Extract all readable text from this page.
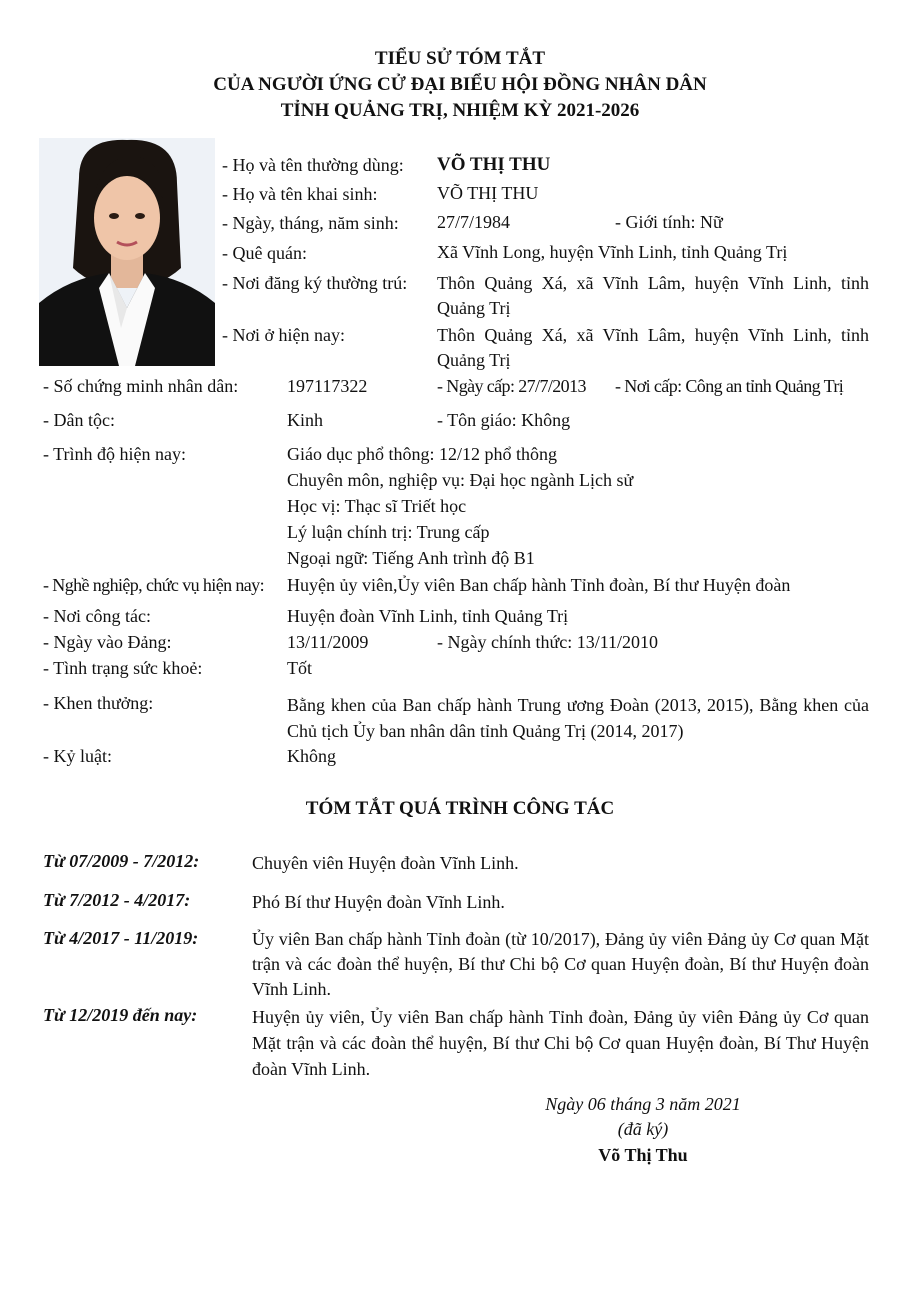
TIỂU SỬ TÓM TẮT
CỦA NGƯỜI ỨNG CỬ ĐẠI BIỂU HỘI ĐỒNG NHÂN DÂN
TỈNH QUẢNG TRỊ, NHIỆM KỲ 2021-2026
- Họ và tên thường dùng: VÕ THỊ THU
- Họ và tên khai sinh:	VÕ THỊ THU
- Ngày, tháng, năm sinh: 27/7/1984	- Giới tính: Nữ
- Quê quán:	Xã Vĩnh Long, huyện Vĩnh Linh, tỉnh Quảng Trị
- Nơi đăng ký thường trú: Thôn Quảng Xá, xã Vĩnh Lâm, huyện Vĩnh Linh, tỉnh Quảng Trị
- Nơi ở hiện nay:	Thôn Quảng Xá, xã Vĩnh Lâm, huyện Vĩnh Linh, tỉnh Quảng Trị
- Số chứng minh nhân dân:	197117322	- Ngày cấp: 27/7/2013 - Nơi cấp: Công an tỉnh Quảng Trị
- Dân tộc:	Kinh	- Tôn giáo: Không
- Trình độ hiện nay:	Giáo dục phổ thông: 12/12 phổ thông
Chuyên môn, nghiệp vụ: Đại học ngành Lịch sử
Học vị: Thạc sĩ Triết học
Lý luận chính trị: Trung cấp
Ngoại ngữ: Tiếng Anh trình độ B1
- Nghề nghiệp, chức vụ hiện nay: Huyện ủy viên,Ủy viên Ban chấp hành Tỉnh đoàn, Bí thư Huyện đoàn
- Nơi công tác:	Huyện đoàn Vĩnh Linh, tỉnh Quảng Trị
- Ngày vào Đảng:	13/11/2009	- Ngày chính thức: 13/11/2010
- Tình trạng sức khoẻ:	Tốt
- Khen thưởng:	Bằng khen của Ban chấp hành Trung ương Đoàn (2013, 2015), Bằng khen của Chủ tịch Ủy ban nhân dân tỉnh Quảng Trị (2014, 2017)
- Kỷ luật:	Không
TÓM TẮT QUÁ TRÌNH CÔNG TÁC
Từ 07/2009 - 7/2012:	Chuyên viên Huyện đoàn Vĩnh Linh.
Từ 7/2012 - 4/2017:	Phó Bí thư Huyện đoàn Vĩnh Linh.
Từ 4/2017 - 11/2019:	Ủy viên Ban chấp hành Tỉnh đoàn (từ 10/2017), Đảng ủy viên Đảng ủy Cơ quan Mặt trận và các đoàn thể huyện, Bí thư Chi bộ Cơ quan Huyện đoàn, Bí thư Huyện đoàn Vĩnh Linh.
Từ 12/2019 đến nay:	Huyện ủy viên, Ủy viên Ban chấp hành Tỉnh đoàn, Đảng ủy viên Đảng ủy Cơ quan Mặt trận và các đoàn thể huyện, Bí thư Chi bộ Cơ quan Huyện đoàn, Bí Thư Huyện đoàn Vĩnh Linh.
Ngày 06 tháng 3 năm 2021
(đã ký)
Võ Thị Thu
